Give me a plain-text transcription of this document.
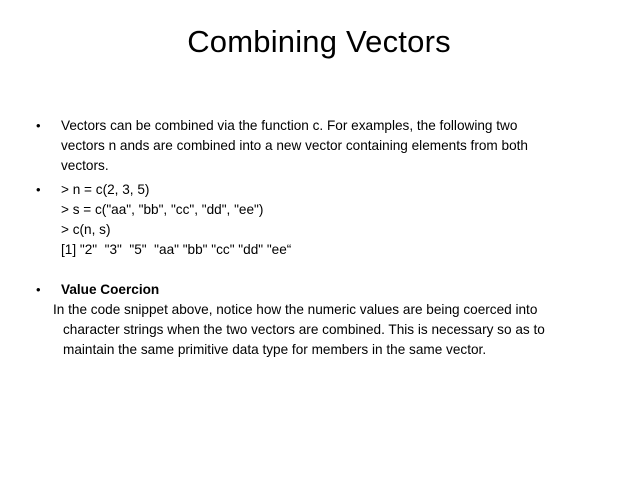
Combining Vectors
•	Vectors can be combined via the function c. For examples, the following two
vectors n ands are combined into a new vector containing elements from both
vectors.
•	> n = c(2, 3, 5)
> s = c("aa", "bb", "cc", "dd", "ee")
> c(n, s)
[1] "2"  "3"  "5"  "aa" "bb" "cc" "dd" "ee“
•	Value Coercion
In the code snippet above, notice how the numeric values are being coerced into
character strings when the two vectors are combined. This is necessary so as to
maintain the same primitive data type for members in the same vector.
